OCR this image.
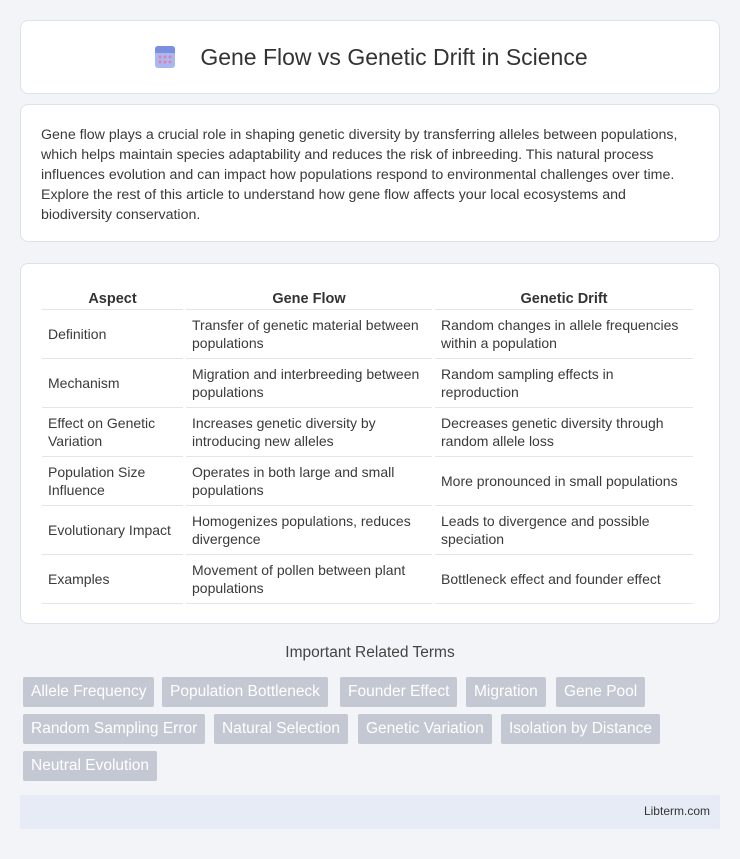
Gene Flow vs Genetic Drift in Science

Gene flow plays a crucial role in shaping genetic diversity by transferring alleles between populations, which helps maintain species adaptability and reduces the risk of inbreeding. This natural process influences evolution and can impact how populations respond to environmental challenges over time. Explore the rest of this article to understand how gene flow affects your local ecosystems and biodiversity conservation.

Aspect	Gene Flow	Genetic Drift
Definition	Transfer of genetic material between populations	Random changes in allele frequencies within a population
Mechanism	Migration and interbreeding between populations	Random sampling effects in reproduction
Effect on Genetic Variation	Increases genetic diversity by introducing new alleles	Decreases genetic diversity through random allele loss
Population Size Influence	Operates in both large and small populations	More pronounced in small populations
Evolutionary Impact	Homogenizes populations, reduces divergence	Leads to divergence and possible speciation
Examples	Movement of pollen between plant populations	Bottleneck effect and founder effect
Important Related Terms
Allele Frequency	Population Bottleneck	Founder Effect	Migration	Gene Pool
Random Sampling Error	Natural Selection	Genetic Variation	Isolation by Distance
Neutral Evolution
Libterm.com
